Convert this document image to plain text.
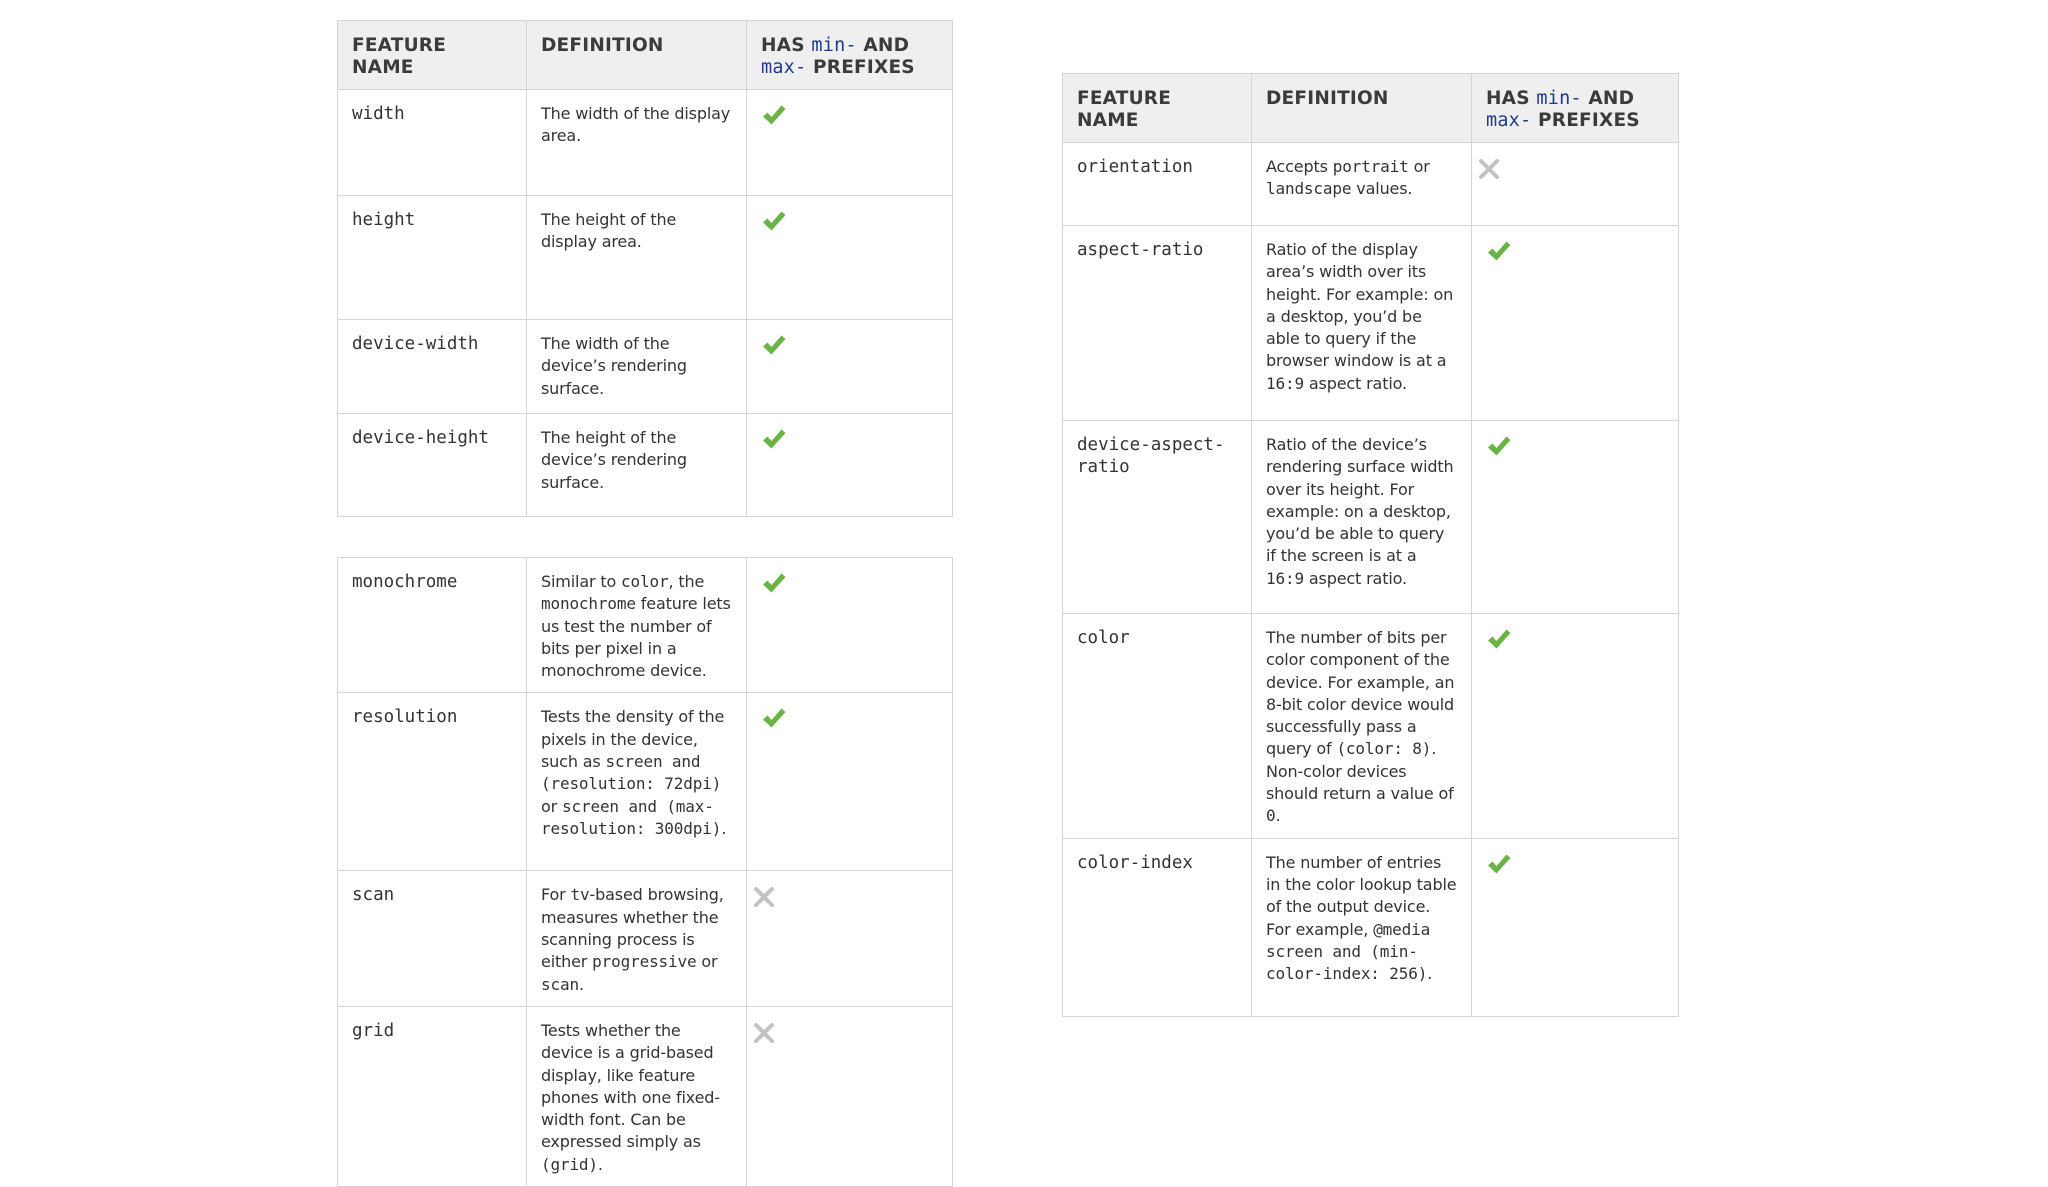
FEATURE NAME	DEFINITION	HAS min- AND
max- PREFIXES
width	The width of the display area.	
height	The height of the display area.	
device-width	The width of the device’s rendering surface.	
device-height	The height of the device’s rendering surface.	
monochrome	Similar to color, the monochrome feature lets us test the number of bits per pixel in a monochrome device.	
resolution	Tests the density of the pixels in the device, such as screen and (resolution: 72dpi) or screen and (max-resolution: 300dpi).	
scan	For tv-based browsing, measures whether the scanning process is either progressive or scan.	
grid	Tests whether the device is a grid-based display, like feature phones with one fixed-width font. Can be expressed simply as (grid).	
FEATURE NAME	DEFINITION	HAS min- AND
max- PREFIXES
orientation	Accepts portrait or landscape values.	
aspect-ratio	Ratio of the display area’s width over its height. For example: on a desktop, you’d be able to query if the browser window is at a 16:9 aspect ratio.	
device-aspect-ratio	Ratio of the device’s rendering surface width over its height. For example: on a desktop, you’d be able to query if the screen is at a 16:9 aspect ratio.	
color	The number of bits per color component of the device. For example, an 8-bit color device would successfully pass a query of (color: 8). Non-color devices should return a value of 0.	
color-index	The number of entries in the color lookup table of the output device. For example, @media screen and (min-color-index: 256).	
